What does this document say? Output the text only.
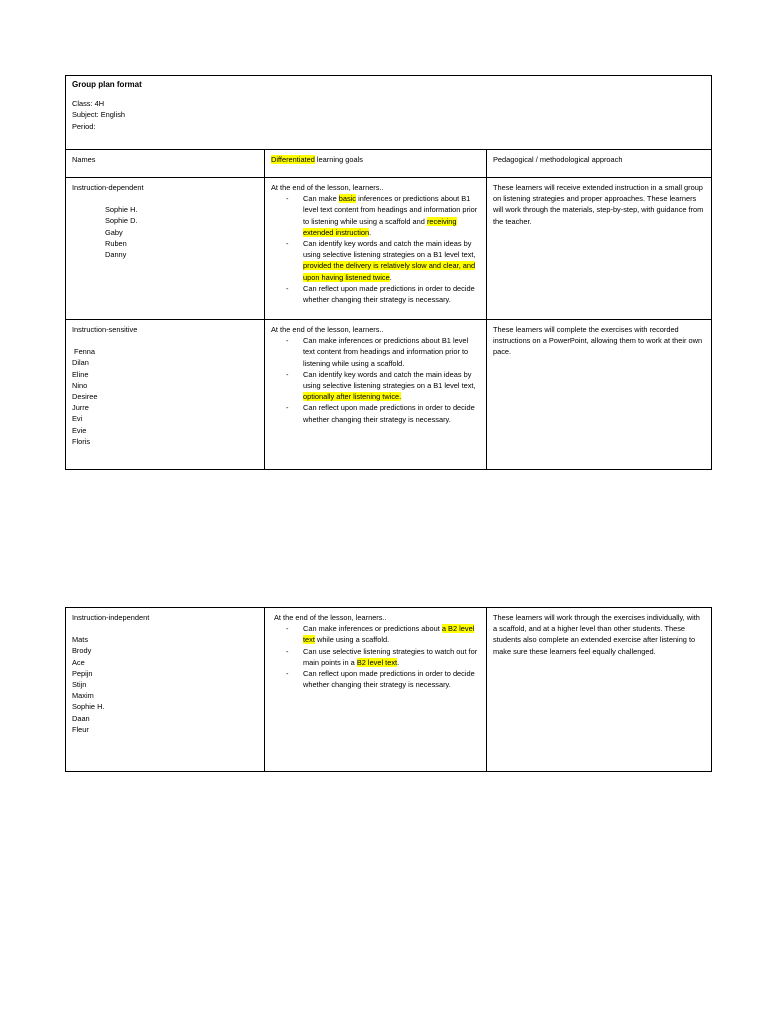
Group plan format
Class: 4H
Subject: English
Period:
Names	Differentiated learning goals	Pedagogical / methodological approach
Instruction-dependent
Sophie H.
Sophie D.
Gaby
Ruben
Danny
At the end of the lesson, learners..
- Can make basic inferences or predictions about B1 level text content from headings and information prior to listening while using a scaffold and receiving extended instruction.
- Can identify key words and catch the main ideas by using selective listening strategies on a B1 level text, provided the delivery is relatively slow and clear, and upon having listened twice.
- Can reflect upon made predictions in order to decide whether changing their strategy is necessary.
These learners will receive extended instruction in a small group on listening strategies and proper approaches. These learners will work through the materials, step-by-step, with guidance from the teacher.
Instruction-sensitive
Fenna
Dilan
Eline
Nino
Desiree
Jurre
Evi
Evie
Floris
At the end of the lesson, learners..
- Can make inferences or predictions about B1 level text content from headings and information prior to listening while using a scaffold.
- Can identify key words and catch the main ideas by using selective listening strategies on a B1 level text, optionally after listening twice.
- Can reflect upon made predictions in order to decide whether changing their strategy is necessary.
These learners will complete the exercises with recorded instructions on a PowerPoint, allowing them to work at their own pace.
Instruction-independent
Mats
Brody
Ace
Pepijn
Stijn
Maxim
Sophie H.
Daan
Fleur
At the end of the lesson, learners..
- Can make inferences or predictions about a B2 level text while using a scaffold.
- Can use selective listening strategies to watch out for main points in a B2 level text.
- Can reflect upon made predictions in order to decide whether changing their strategy is necessary.
These learners will work through the exercises individually, with a scaffold, and at a higher level than other students. These students also complete an extended exercise after listening to make sure these learners feel equally challenged.
